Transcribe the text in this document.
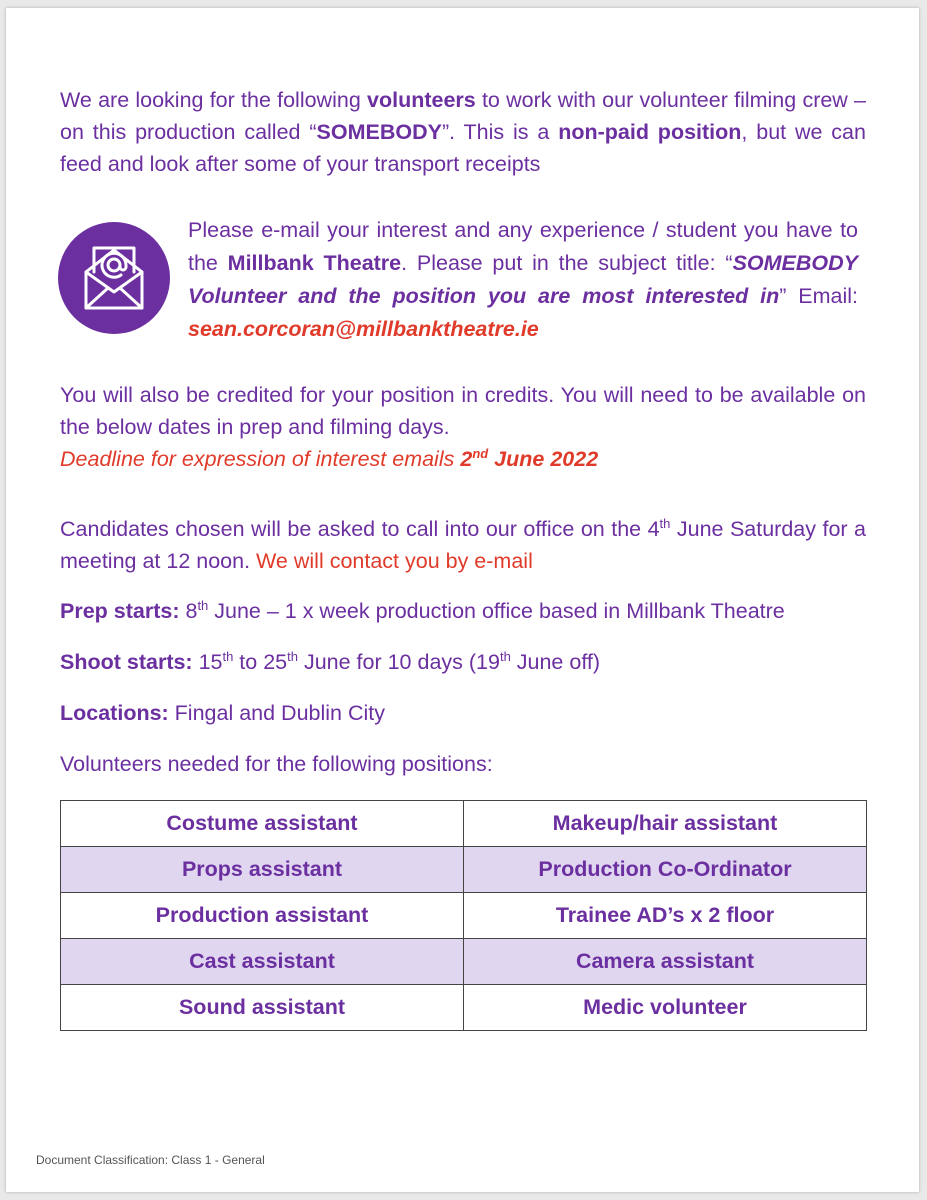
We are looking for the following volunteers to work with our volunteer filming crew – on this production called “SOMEBODY”. This is a non-paid position, but we can feed and look after some of your transport receipts
Please e-mail your interest and any experience / student you have to the Millbank Theatre. Please put in the subject title: “SOMEBODY Volunteer and the position you are most interested in” Email: sean.corcoran@millbanktheatre.ie
You will also be credited for your position in credits. You will need to be available on the below dates in prep and filming days.
Deadline for expression of interest emails 2nd June 2022
Candidates chosen will be asked to call into our office on the 4th June Saturday for a meeting at 12 noon. We will contact you by e-mail
Prep starts: 8th June – 1 x week production office based in Millbank Theatre
Shoot starts: 15th to 25th June for 10 days (19th June off)
Locations: Fingal and Dublin City
Volunteers needed for the following positions:
Costume assistant	Makeup/hair assistant
Props assistant	Production Co-Ordinator
Production assistant	Trainee AD’s x 2 floor
Cast assistant	Camera assistant
Sound assistant	Medic volunteer
Document Classification: Class 1 - General
